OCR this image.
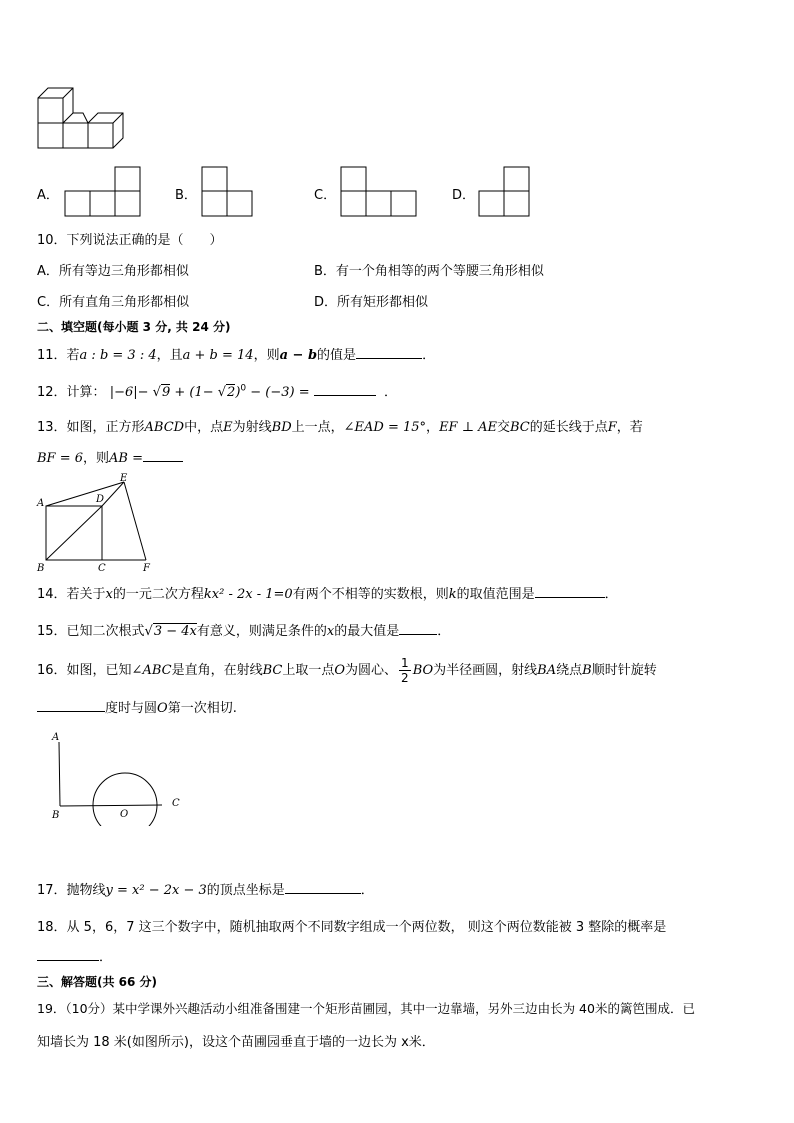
A．	B．	C．	D．
10．下列说法正确的是（　　）
A．所有等边三角形都相似	B．有一个角相等的两个等腰三角形相似
C．所有直角三角形都相似	D．所有矩形都相似
二、填空题(每小题 3 分, 共 24 分)
11．若a : b = 3 : 4，且a + b = 14，则a − b的值是	．
12．计算： $|-6|- √9 + (1- √2)^0 - (-3)$ =	．
13．如图，正方形ABCD中，点E为射线BD上一点，∠EAD = 15°，EF ⊥ AE交BC的延长线于点F，若
BF = 6，则AB =
A
B	C
D
E
F
14．若关于x的一元二次方程kx² - 2x - 1=0有两个不相等的实数根，则k的取值范围是	．
15．已知二次根式√3 − 4x有意义，则满足条件的x的最大值是	．
16．如图，已知∠ABC是直角，在射线BC上取一点O为圆心、 $\frac{1}{2}$ BO为半径画圆，射线BA绕点B顺时针旋转
度时与圆O第一次相切.
A
B	O
C
17．抛物线y = x² − 2x − 3的顶点坐标是	．
18．从 5，6，7 这三个数字中，随机抽取两个不同数字组成一个两位数， 则这个两位数能被 3 整除的概率是
．
三、解答题(共 66 分)
19．（10分）某中学课外兴趣活动小组准备围建一个矩形苗圃园，其中一边靠墙，另外三边由长为 40米的篱笆围成．已
知墙长为 18 米(如图所示)，设这个苗圃园垂直于墙的一边长为 x米．
